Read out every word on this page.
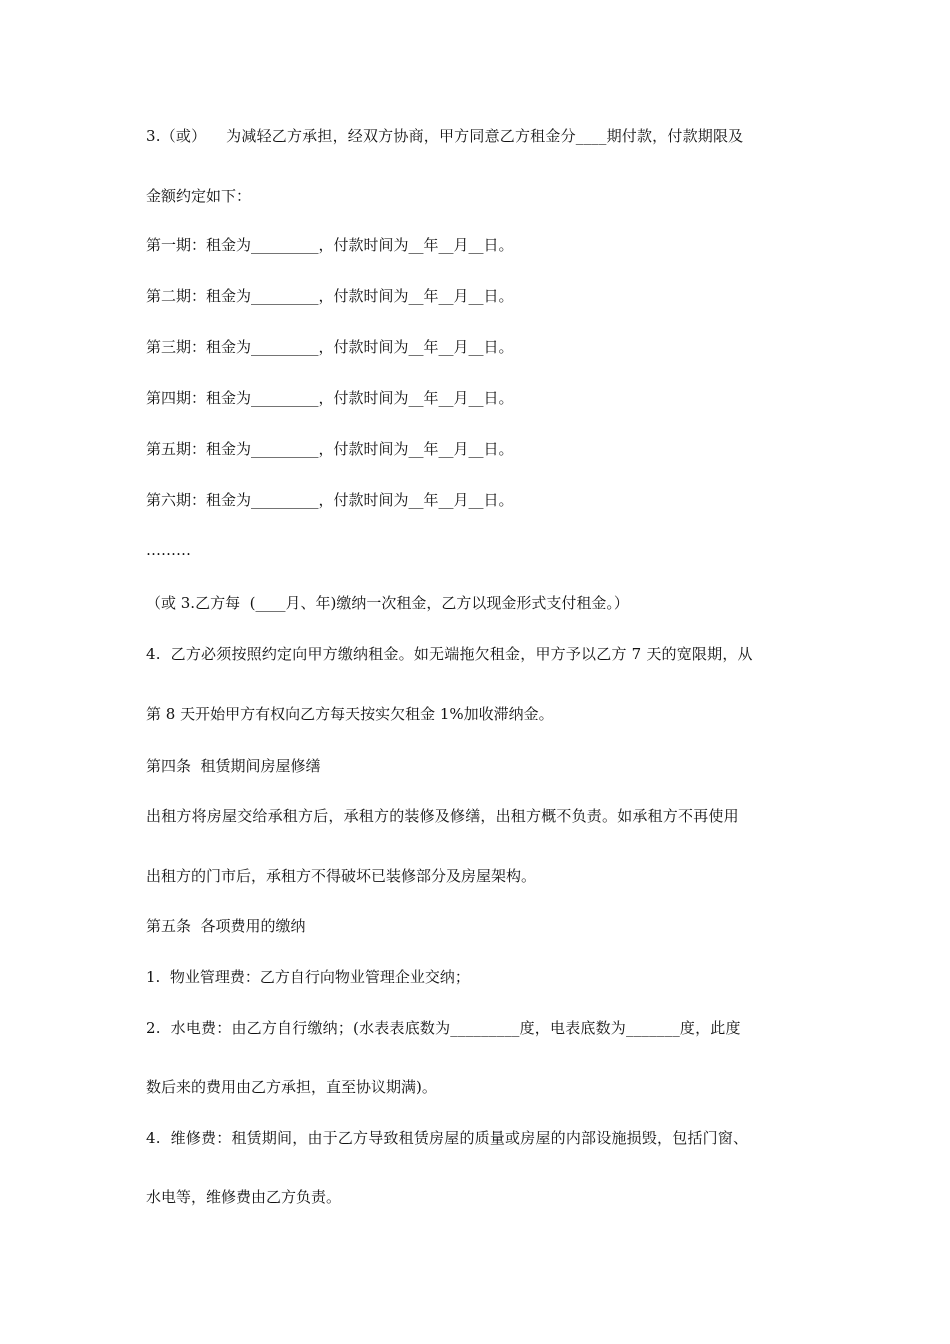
3.（或）    为减轻乙方承担，经双方协商，甲方同意乙方租金分____期付款，付款期限及
金额约定如下：
第一期：租金为_________，付款时间为__年__月__日。
第二期：租金为_________，付款时间为__年__月__日。
第三期：租金为_________，付款时间为__年__月__日。
第四期：租金为_________，付款时间为__年__月__日。
第五期：租金为_________，付款时间为__年__月__日。
第六期：租金为_________，付款时间为__年__月__日。
………
（或 3.乙方每  (____月、年)缴纳一次租金，乙方以现金形式支付租金。）
4.  乙方必须按照约定向甲方缴纳租金。如无端拖欠租金，甲方予以乙方 7 天的宽限期，从
第 8 天开始甲方有权向乙方每天按实欠租金 1%加收滞纳金。
第四条  租赁期间房屋修缮
出租方将房屋交给承租方后，承租方的装修及修缮，出租方概不负责。如承租方不再使用
出租方的门市后，承租方不得破坏已装修部分及房屋架构。
第五条  各项费用的缴纳
1.  物业管理费：乙方自行向物业管理企业交纳；
2.  水电费：由乙方自行缴纳；(水表表底数为_________度，电表底数为_______度，此度
数后来的费用由乙方承担，直至协议期满)。
4.  维修费：租赁期间，由于乙方导致租赁房屋的质量或房屋的内部设施损毁，包括门窗、
水电等，维修费由乙方负责。
